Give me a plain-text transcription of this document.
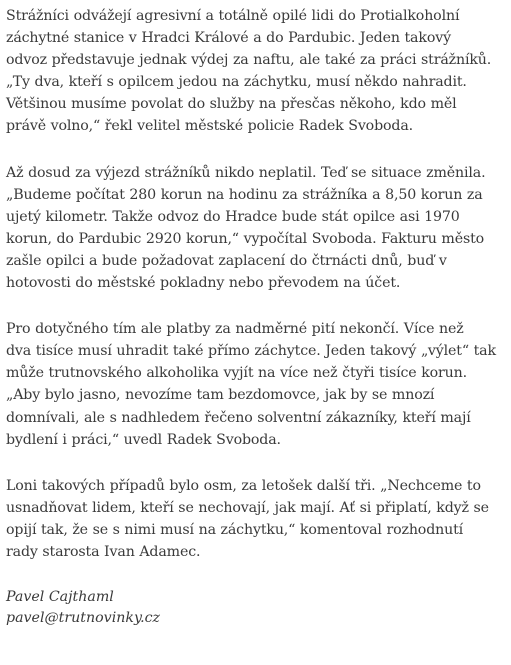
Strážníci odvážejí agresivní a totálně opilé lidi do Protialkoholní
záchytné stanice v Hradci Králové a do Pardubic. Jeden takový
odvoz představuje jednak výdej za naftu, ale také za práci strážníků.
„Ty dva, kteří s opilcem jedou na záchytku, musí někdo nahradit.
Většinou musíme povolat do služby na přesčas někoho, kdo měl
právě volno,“ řekl velitel městské policie Radek Svoboda.

Až dosud za výjezd strážníků nikdo neplatil. Teď se situace změnila.
„Budeme počítat 280 korun na hodinu za strážníka a 8,50 korun za
ujetý kilometr. Takže odvoz do Hradce bude stát opilce asi 1970
korun, do Pardubic 2920 korun,“ vypočítal Svoboda. Fakturu město
zašle opilci a bude požadovat zaplacení do čtrnácti dnů, buď v
hotovosti do městské pokladny nebo převodem na účet.

Pro dotyčného tím ale platby za nadměrné pití nekončí. Více než
dva tisíce musí uhradit také přímo záchytce. Jeden takový „výlet“ tak
může trutnovského alkoholika vyjít na více než čtyři tisíce korun.
„Aby bylo jasno, nevozíme tam bezdomovce, jak by se mnozí
domnívali, ale s nadhledem řečeno solventní zákazníky, kteří mají
bydlení i práci,“ uvedl Radek Svoboda.

Loni takových případů bylo osm, za letošek další tři. „Nechceme to
usnadňovat lidem, kteří se nechovají, jak mají. Ať si připlatí, když se
opijí tak, že se s nimi musí na záchytku,“ komentoval rozhodnutí
rady starosta Ivan Adamec.

Pavel Cajthaml
pavel@trutnovinky.cz
